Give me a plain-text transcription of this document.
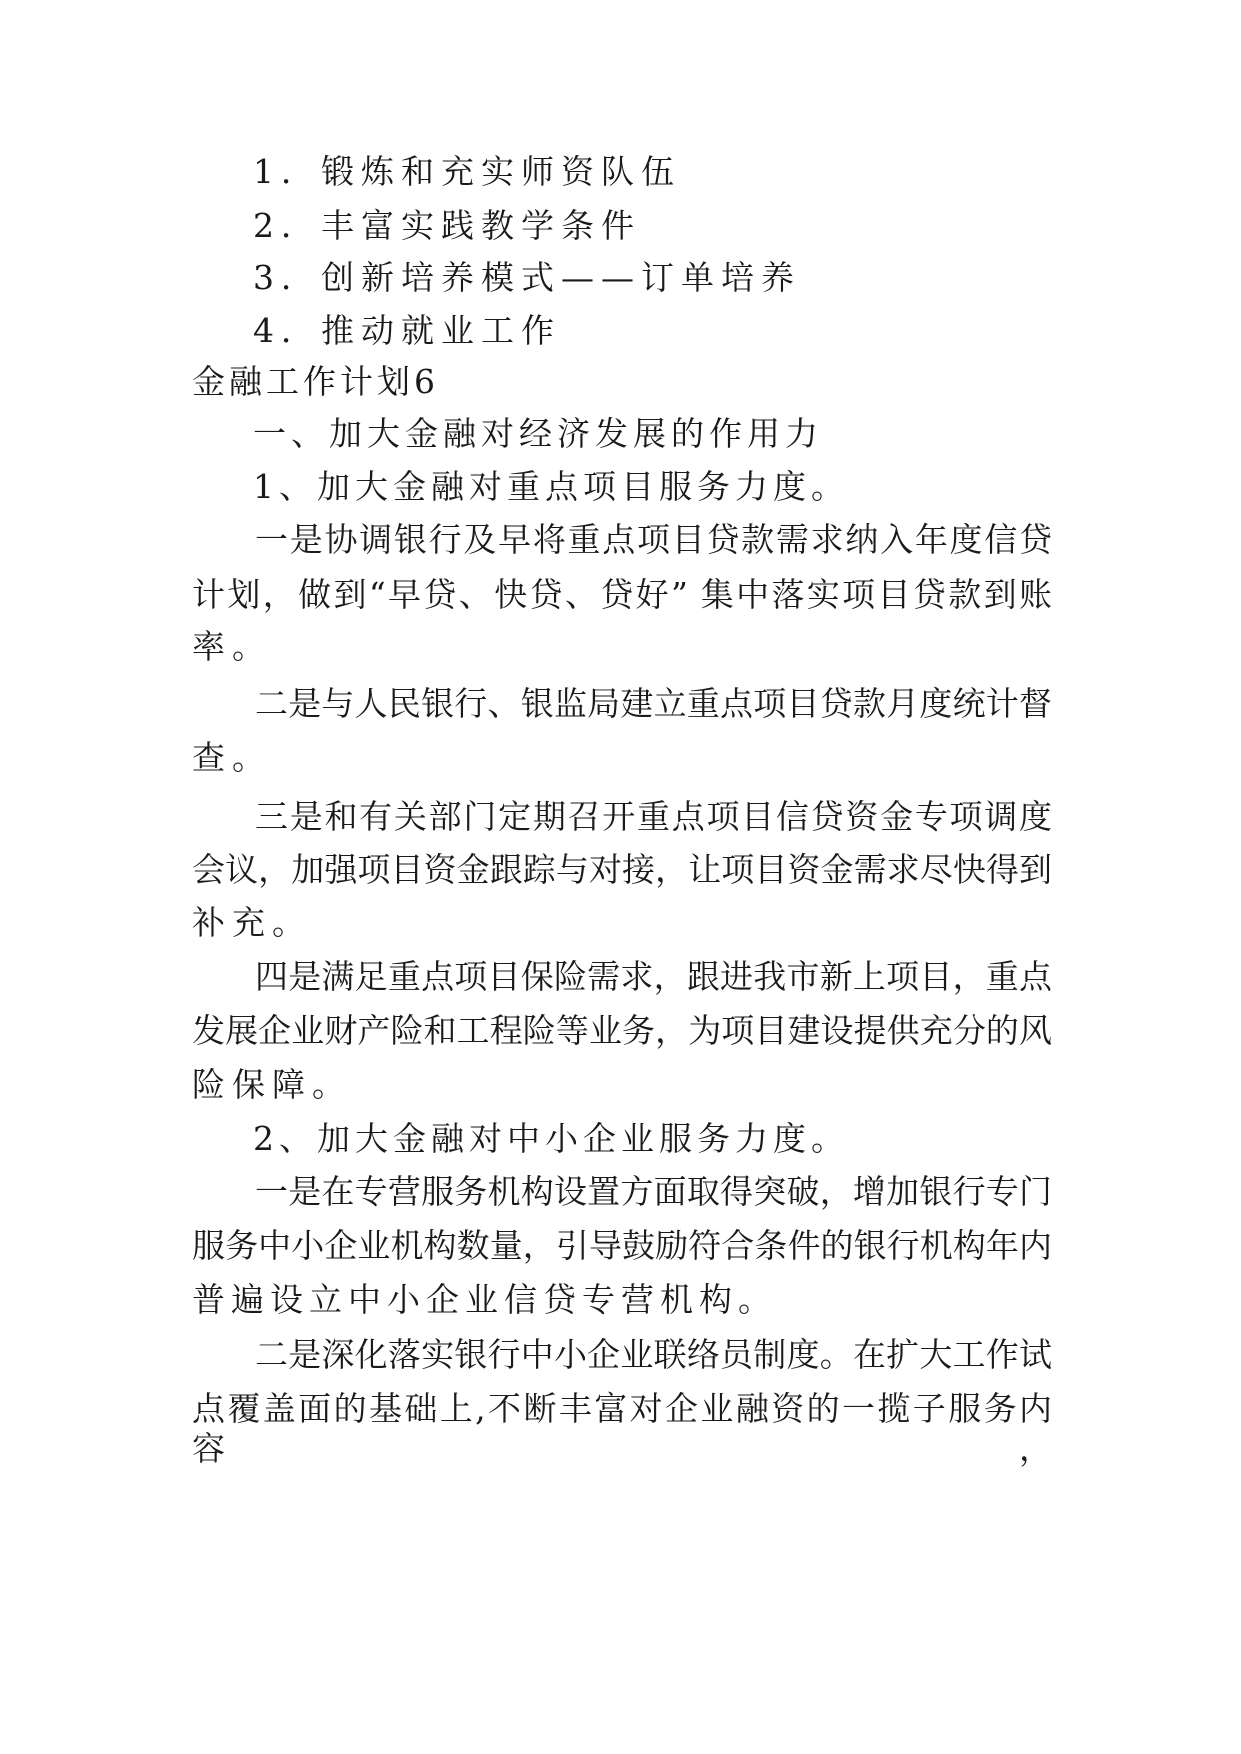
1．锻炼和充实师资队伍
2．丰富实践教学条件
3．创新培养模式——订单培养
4．推动就业工作
金融工作计划6
一、加大金融对经济发展的作用力
1、加大金融对重点项目服务力度。
一是协调银行及早将重点项目贷款需求纳入年度信贷
计划，做到“早贷、快贷、贷好” 集中落实项目贷款到账
率。
二是与人民银行、银监局建立重点项目贷款月度统计督
查。
三是和有关部门定期召开重点项目信贷资金专项调度
会议，加强项目资金跟踪与对接，让项目资金需求尽快得到
补充。
四是满足重点项目保险需求，跟进我市新上项目，重点
发展企业财产险和工程险等业务，为项目建设提供充分的风
险保障。
2、加大金融对中小企业服务力度。
一是在专营服务机构设置方面取得突破，增加银行专门
服务中小企业机构数量，引导鼓励符合条件的银行机构年内
普遍设立中小企业信贷专营机构。
二是深化落实银行中小企业联络员制度。在扩大工作试
点覆盖面的基础上,不断丰富对企业融资的一揽子服务内容，
